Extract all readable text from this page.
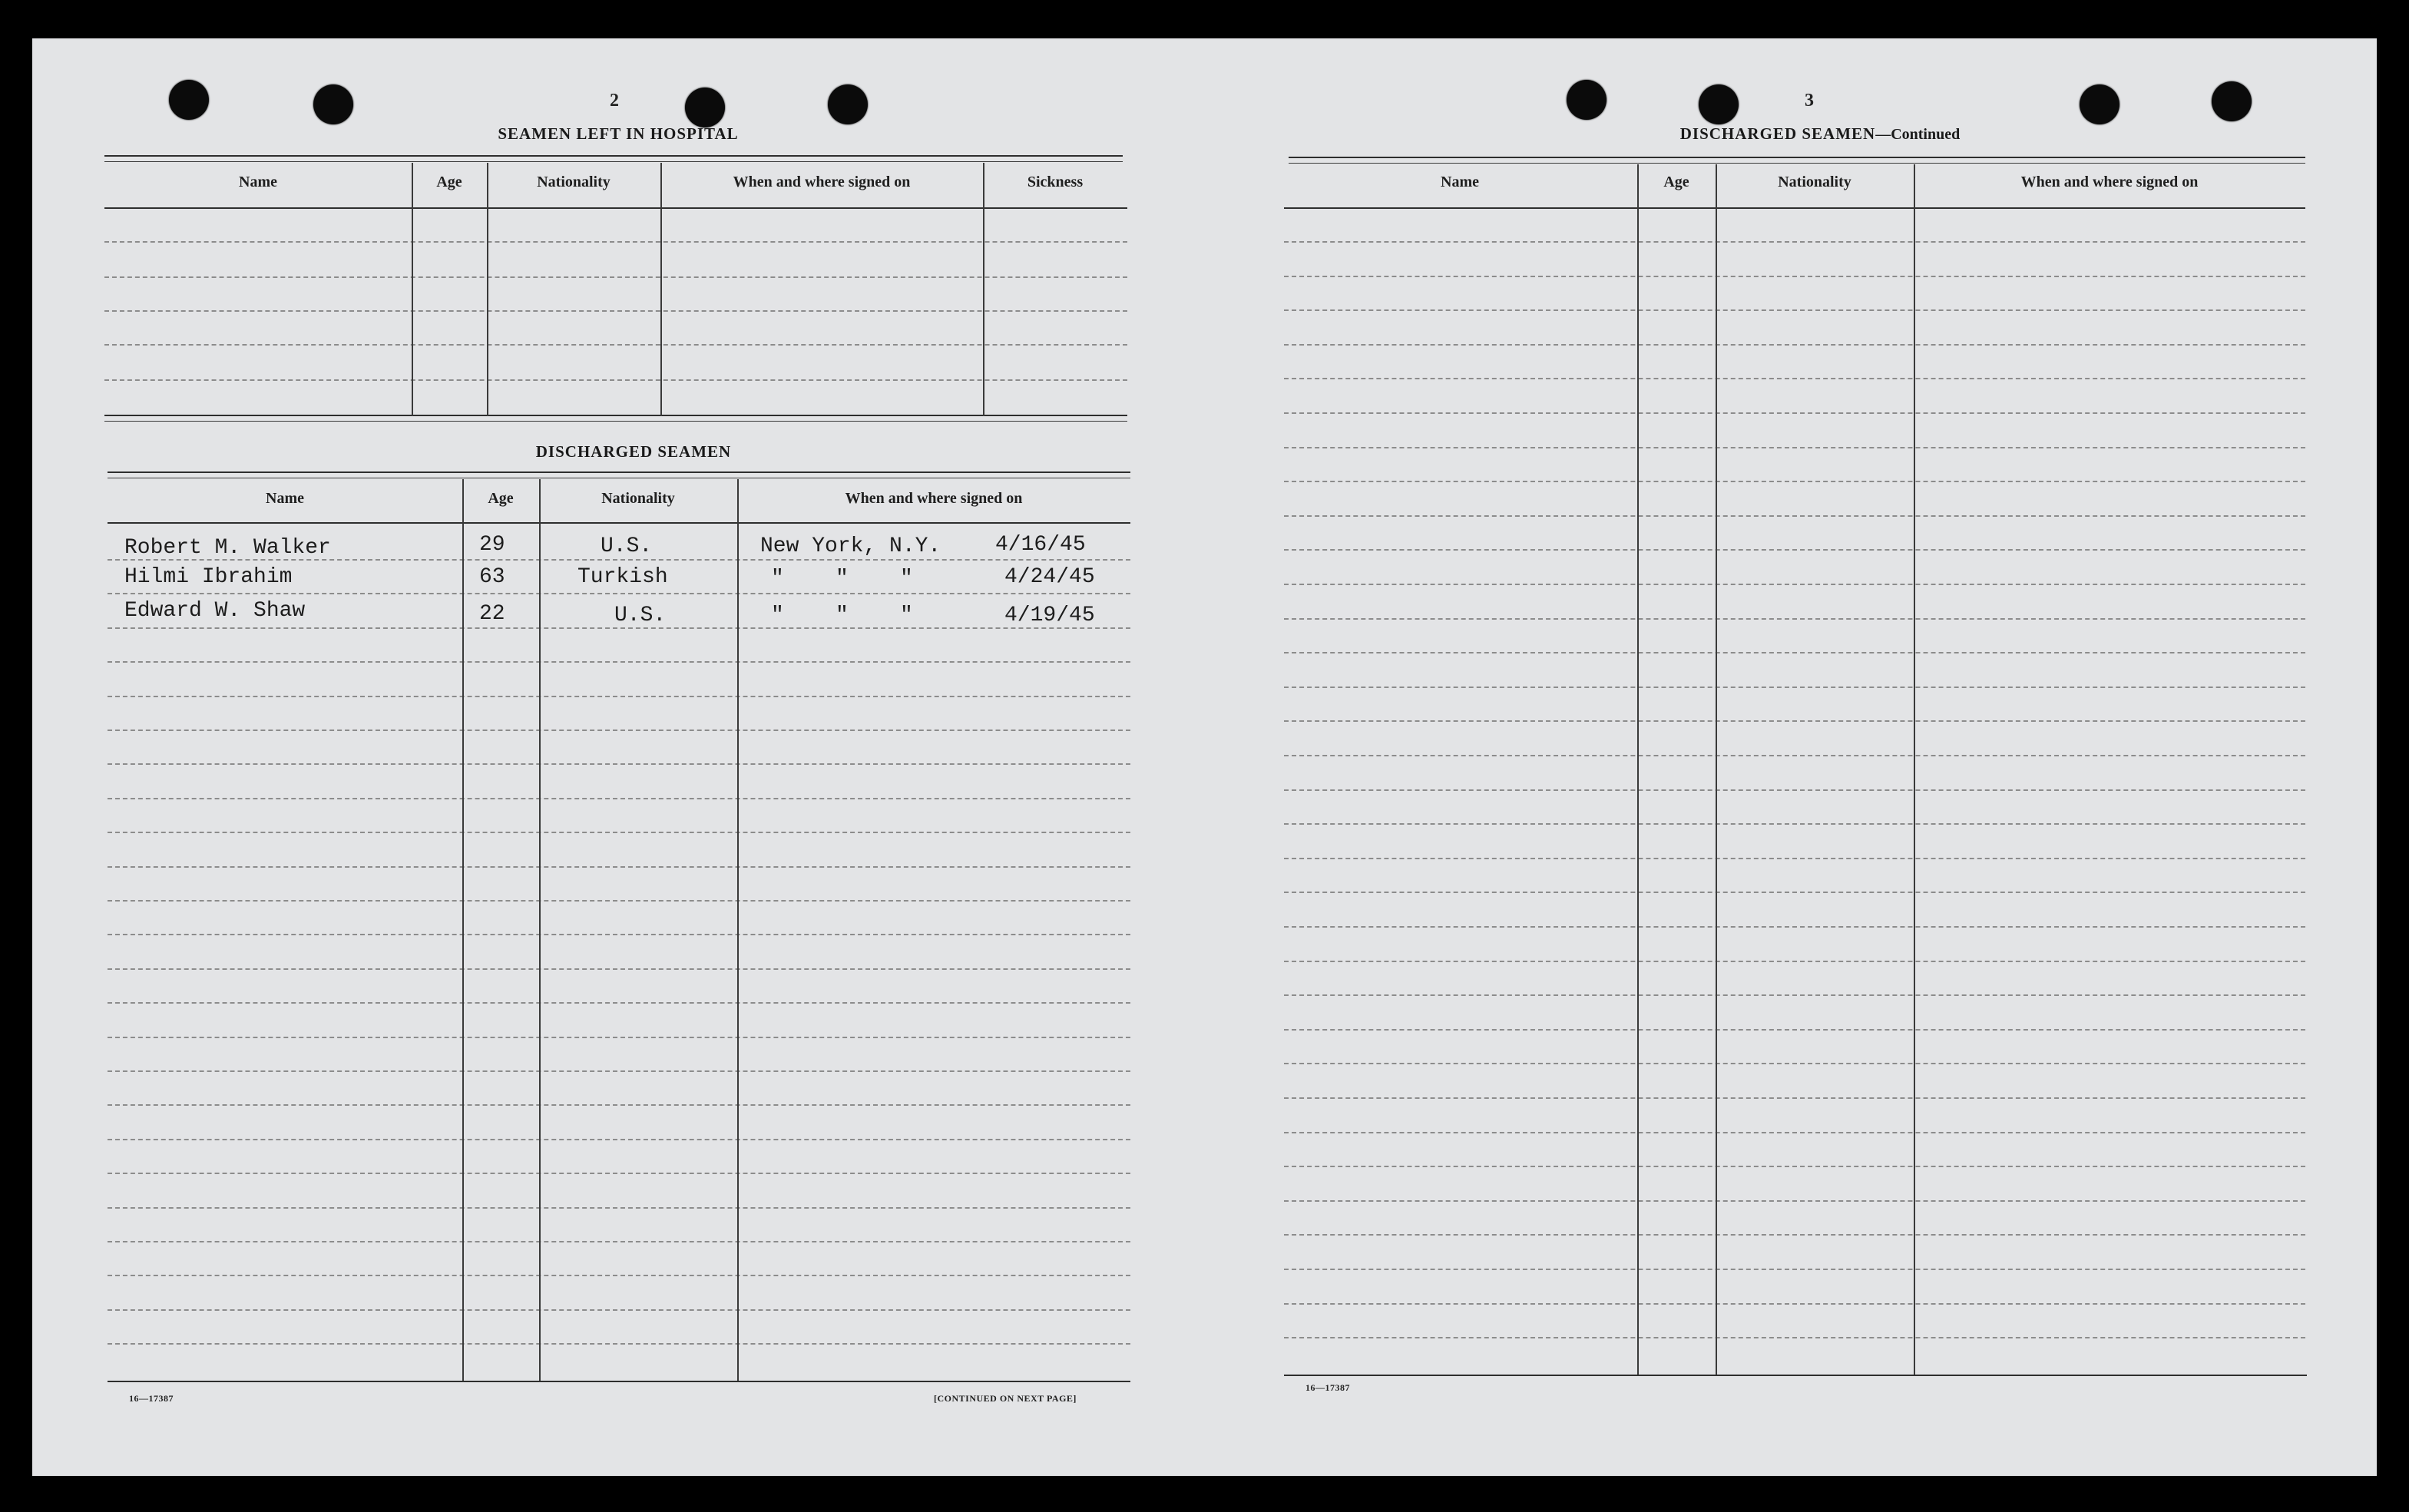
2
SEAMEN LEFT IN HOSPITAL
Name	Age	Nationality	When and where signed on	Sickness
DISCHARGED SEAMEN
Name	Age	Nationality	When and where signed on
Robert M. Walker	29	U.S.	New York, N.Y.	4/16/45
Hilmi Ibrahim	63	Turkish	"    "    "	4/24/45
Edward W. Shaw	22	U.S.	"    "    "	4/19/45
16—17387	[CONTINUED ON NEXT PAGE]
3
DISCHARGED SEAMEN—Continued
Name	Age	Nationality	When and where signed on
16—17387
